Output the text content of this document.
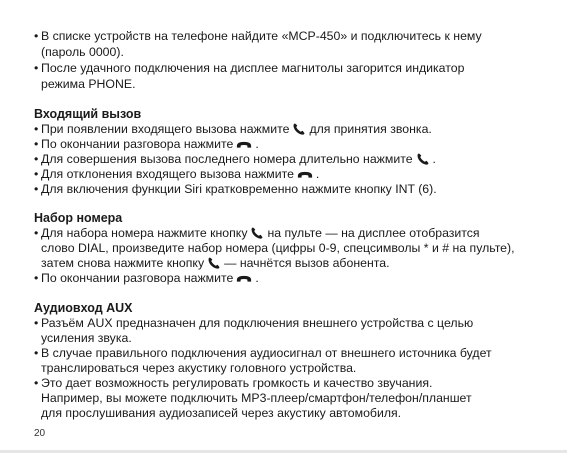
• В списке устройств на телефоне найдите «MCP-450» и подключитесь к нему
(пароль 0000).
• После удачного подключения на дисплее магнитолы загорится индикатор
режима PHONE.
Входящий вызов
• При появлении входящего вызова нажмите для принятия звонка.
• По окончании разговора нажмите .
• Для совершения вызова последнего номера длительно нажмите .
• Для отклонения входящего вызова нажмите .
• Для включения функции Siri кратковременно нажмите кнопку INT (6).
Набор номера
• Для набора номера нажмите кнопку на пульте — на дисплее отобразится
слово DIAL, произведите набор номера (цифры 0-9, спецсимволы * и # на пульте),
затем снова нажмите кнопку — начнётся вызов абонента.
• По окончании разговора нажмите .
Аудиовход AUX
• Разъём AUX предназначен для подключения внешнего устройства с целью
усиления звука.
• В случае правильного подключения аудиосигнал от внешнего источника будет
транслироваться через акустику головного устройства.
• Это дает возможность регулировать громкость и качество звучания.
Например, вы можете подключить MP3-плеер/смартфон/телефон/планшет
для прослушивания аудиозаписей через акустику автомобиля.
20
